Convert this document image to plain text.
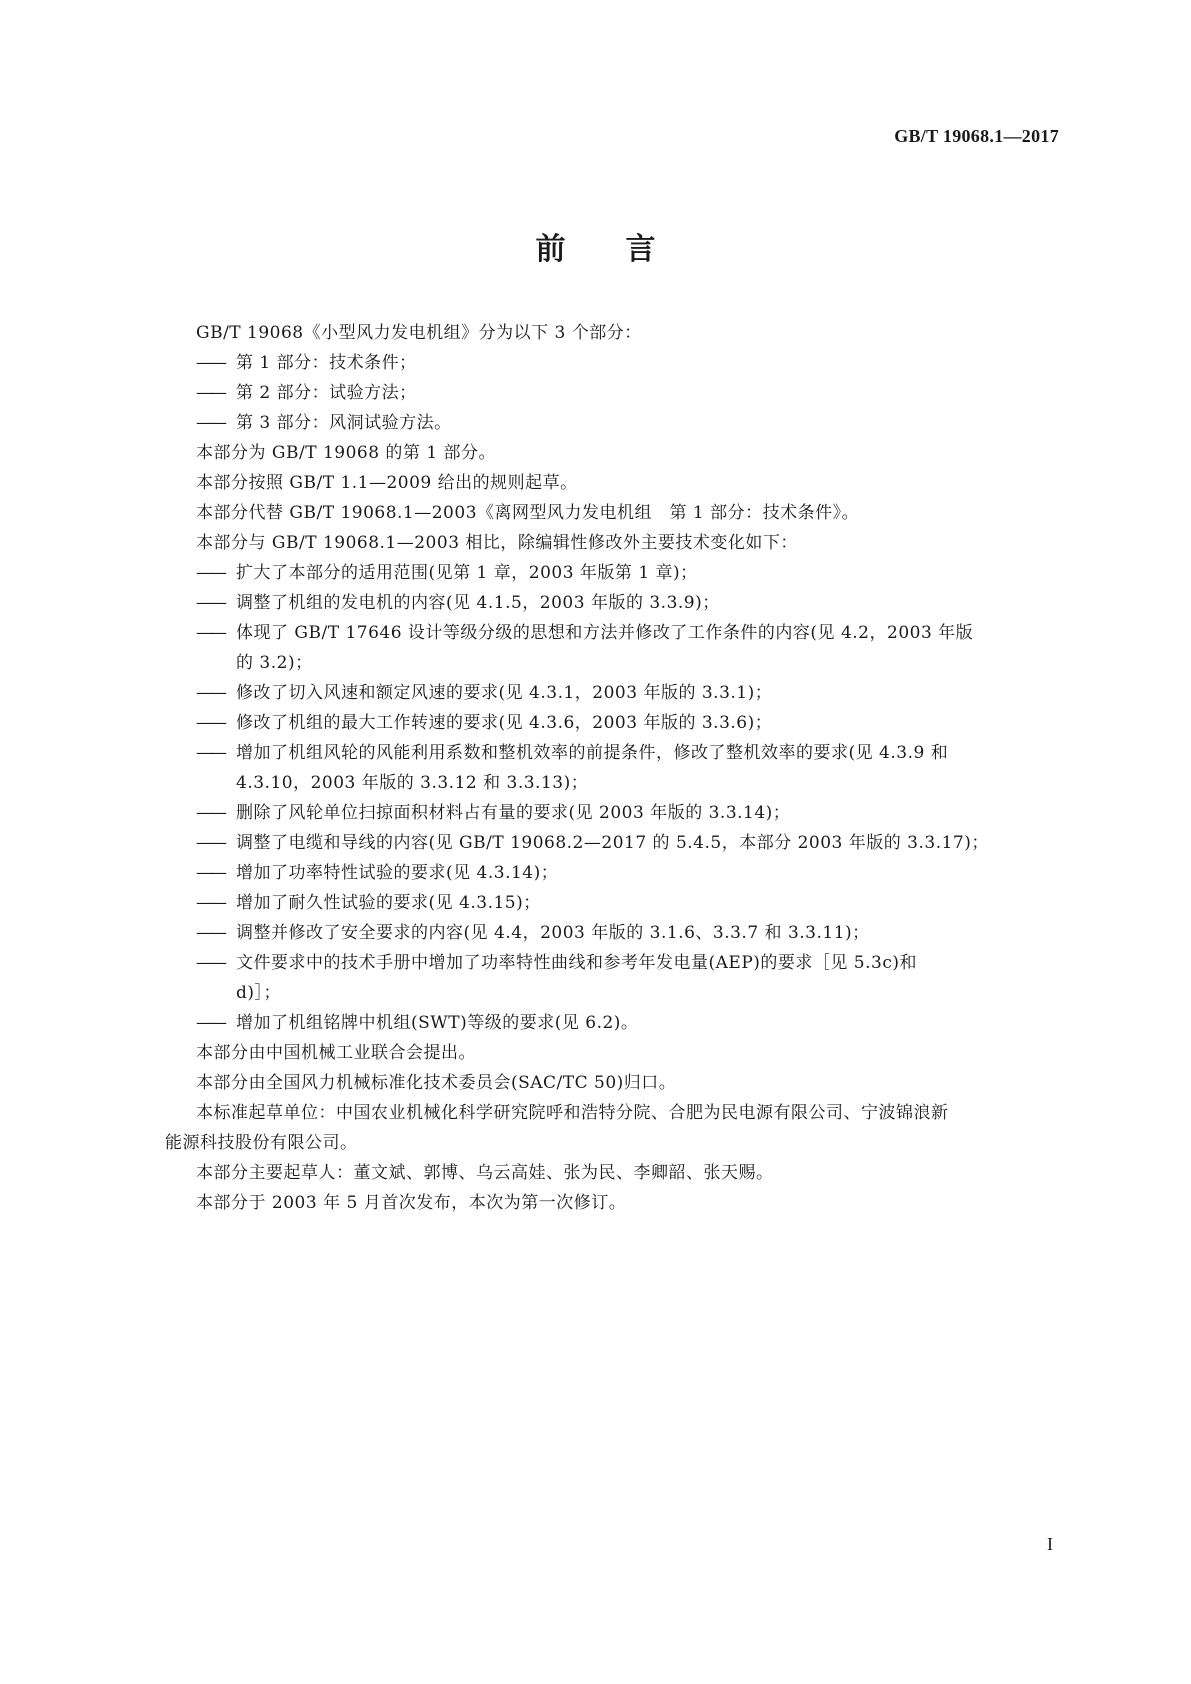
GB/T 19068.1—2017
前　　言

GB/T 19068《小型风力发电机组》分为以下 3 个部分：

—— 第 1 部分：技术条件；

—— 第 2 部分：试验方法；

—— 第 3 部分：风洞试验方法。

本部分为 GB/T 19068 的第 1 部分。

本部分按照 GB/T 1.1—2009 给出的规则起草。

本部分代替 GB/T 19068.1—2003《离网型风力发电机组　第 1 部分：技术条件》。

本部分与 GB/T 19068.1—2003 相比，除编辑性修改外主要技术变化如下：

—— 扩大了本部分的适用范围(见第 1 章，2003 年版第 1 章)；

—— 调整了机组的发电机的内容(见 4.1.5，2003 年版的 3.3.9)；

—— 体现了 GB/T 17646 设计等级分级的思想和方法并修改了工作条件的内容(见 4.2，2003 年版
的 3.2)；

—— 修改了切入风速和额定风速的要求(见 4.3.1，2003 年版的 3.3.1)；

—— 修改了机组的最大工作转速的要求(见 4.3.6，2003 年版的 3.3.6)；

—— 增加了机组风轮的风能利用系数和整机效率的前提条件，修改了整机效率的要求(见 4.3.9 和
4.3.10，2003 年版的 3.3.12 和 3.3.13)；

—— 删除了风轮单位扫掠面积材料占有量的要求(见 2003 年版的 3.3.14)；

—— 调整了电缆和导线的内容(见 GB/T 19068.2—2017 的 5.4.5，本部分 2003 年版的 3.3.17)；

—— 增加了功率特性试验的要求(见 4.3.14)；

—— 增加了耐久性试验的要求(见 4.3.15)；

—— 调整并修改了安全要求的内容(见 4.4，2003 年版的 3.1.6、3.3.7 和 3.3.11)；

—— 文件要求中的技术手册中增加了功率特性曲线和参考年发电量(AEP)的要求［见 5.3c)和
d)］；

—— 增加了机组铭牌中机组(SWT)等级的要求(见 6.2)。

本部分由中国机械工业联合会提出。

本部分由全国风力机械标准化技术委员会(SAC/TC 50)归口。

本标准起草单位：中国农业机械化科学研究院呼和浩特分院、合肥为民电源有限公司、宁波锦浪新

能源科技股份有限公司。

本部分主要起草人：董文斌、郭博、乌云高娃、张为民、李卿韶、张天赐。

本部分于 2003 年 5 月首次发布，本次为第一次修订。

I
